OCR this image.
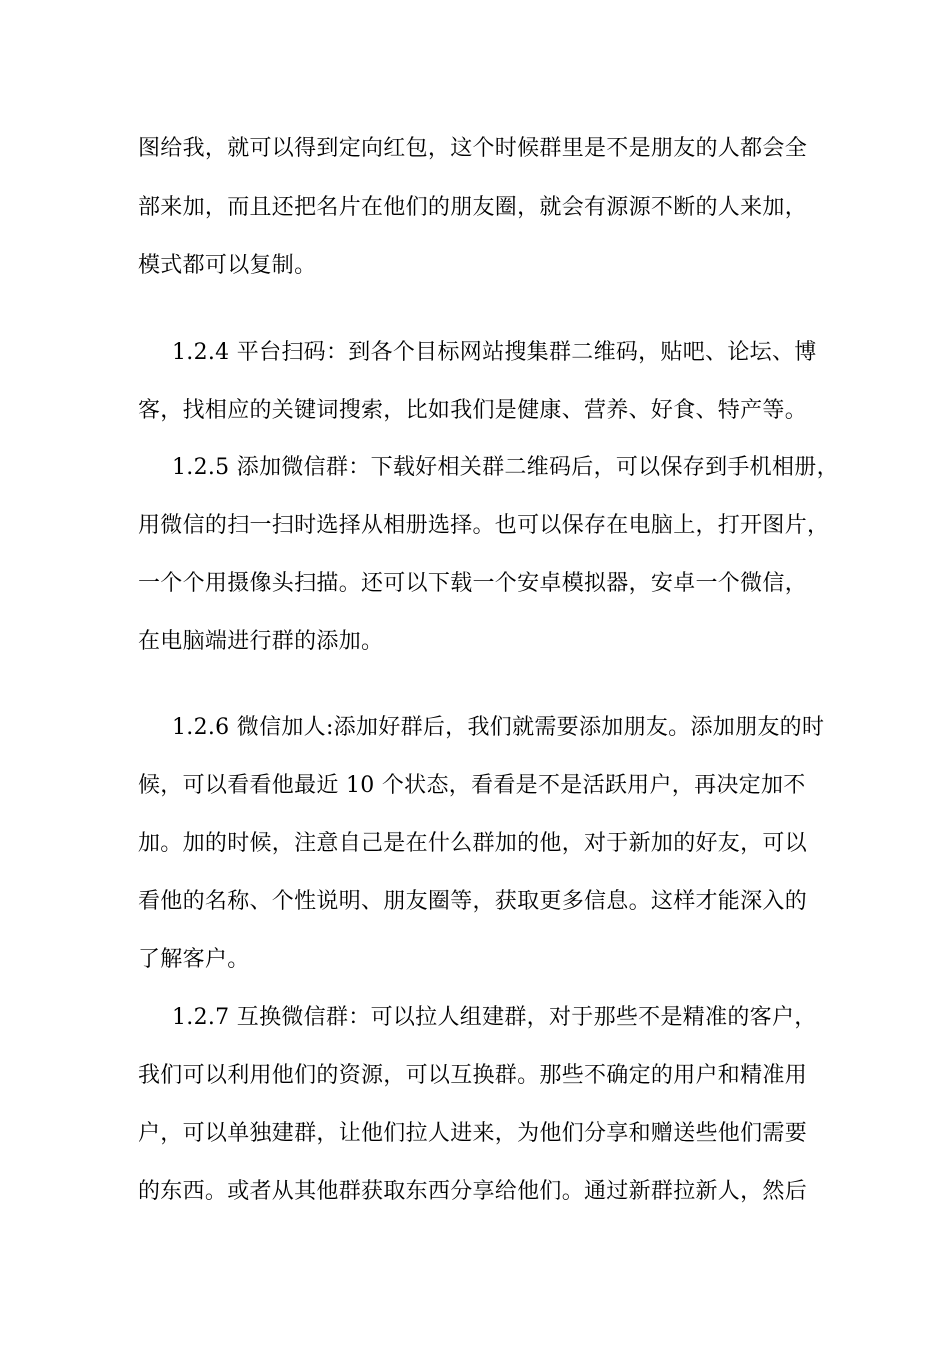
图给我，就可以得到定向红包，这个时候群里是不是朋友的人都会全
部来加，而且还把名片在他们的朋友圈，就会有源源不断的人来加，
模式都可以复制。
1.2.4 平台扫码：到各个目标网站搜集群二维码，贴吧、论坛、博
客，找相应的关键词搜索，比如我们是健康、营养、好食、特产等。
1.2.5 添加微信群：下载好相关群二维码后，可以保存到手机相册，
用微信的扫一扫时选择从相册选择。也可以保存在电脑上，打开图片，
一个个用摄像头扫描。还可以下载一个安卓模拟器，安卓一个微信，
在电脑端进行群的添加。
1.2.6 微信加人:添加好群后，我们就需要添加朋友。添加朋友的时
候，可以看看他最近 10 个状态，看看是不是活跃用户，再决定加不
加。加的时候，注意自己是在什么群加的他，对于新加的好友，可以
看他的名称、个性说明、朋友圈等，获取更多信息。这样才能深入的
了解客户。
1.2.7 互换微信群：可以拉人组建群，对于那些不是精准的客户，
我们可以利用他们的资源，可以互换群。那些不确定的用户和精准用
户，可以单独建群，让他们拉人进来，为他们分享和赠送些他们需要
的东西。或者从其他群获取东西分享给他们。通过新群拉新人，然后
